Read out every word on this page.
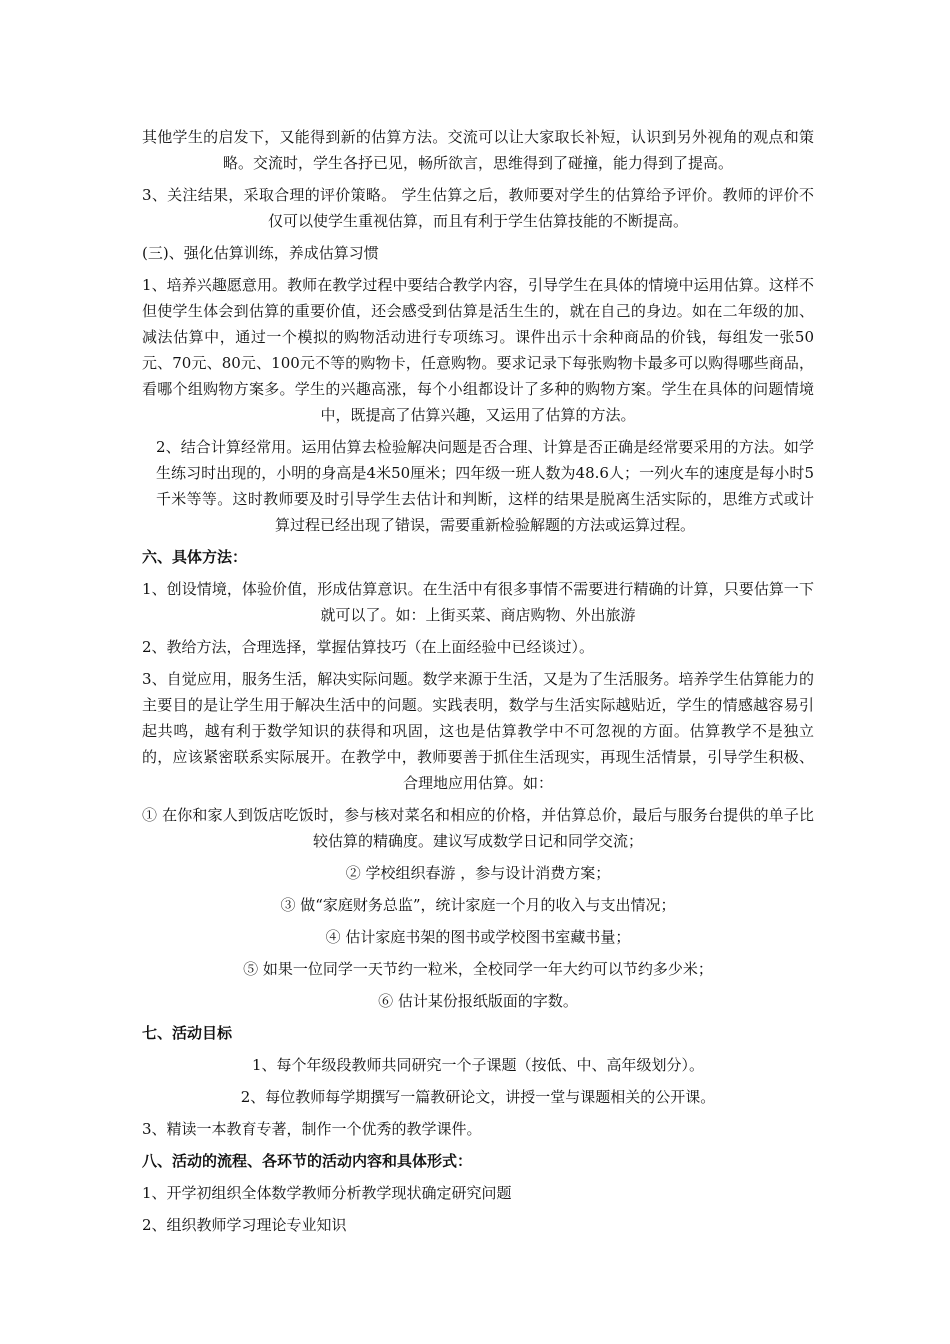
其他学生的启发下，又能得到新的估算方法。交流可以让大家取长补短，认识到另外视角的观点和策略。交流时，学生各抒已见，畅所欲言，思维得到了碰撞，能力得到了提高。

3、关注结果，采取合理的评价策略。 学生估算之后，教师要对学生的估算给予评价。教师的评价不仅可以使学生重视估算，而且有利于学生估算技能的不断提高。

(三)、强化估算训练，养成估算习惯

1、培养兴趣愿意用。教师在教学过程中要结合教学内容，引导学生在具体的情境中运用估算。这样不但使学生体会到估算的重要价值，还会感受到估算是活生生的，就在自己的身边。如在二年级的加、减法估算中，通过一个模拟的购物活动进行专项练习。课件出示十余种商品的价钱，每组发一张50元、70元、80元、100元不等的购物卡，任意购物。要求记录下每张购物卡最多可以购得哪些商品，看哪个组购物方案多。学生的兴趣高涨，每个小组都设计了多种的购物方案。学生在具体的问题情境中，既提高了估算兴趣，又运用了估算的方法。

2、结合计算经常用。运用估算去检验解决问题是否合理、计算是否正确是经常要采用的方法。如学生练习时出现的，小明的身高是4米50厘米；四年级一班人数为48.6人；一列火车的速度是每小时5千米等等。这时教师要及时引导学生去估计和判断，这样的结果是脱离生活实际的，思维方式或计算过程已经出现了错误，需要重新检验解题的方法或运算过程。

六、具体方法：

1、创设情境，体验价值，形成估算意识。在生活中有很多事情不需要进行精确的计算，只要估算一下就可以了。如：上街买菜、商店购物、外出旅游

2、教给方法，合理选择，掌握估算技巧（在上面经验中已经谈过）。

3、自觉应用，服务生活，解决实际问题。数学来源于生活，又是为了生活服务。培养学生估算能力的主要目的是让学生用于解决生活中的问题。实践表明，数学与生活实际越贴近，学生的情感越容易引起共鸣，越有利于数学知识的获得和巩固，这也是估算教学中不可忽视的方面。估算教学不是独立的，应该紧密联系实际展开。在教学中，教师要善于抓住生活现实，再现生活情景，引导学生积极、合理地应用估算。如：

① 在你和家人到饭店吃饭时，参与核对菜名和相应的价格，并估算总价，最后与服务台提供的单子比较估算的精确度。建议写成数学日记和同学交流；

② 学校组织春游 ，参与设计消费方案；

③ 做“家庭财务总监”，统计家庭一个月的收入与支出情况；

④ 估计家庭书架的图书或学校图书室藏书量；

⑤ 如果一位同学一天节约一粒米，全校同学一年大约可以节约多少米；

⑥ 估计某份报纸版面的字数。

七、活动目标

1、每个年级段教师共同研究一个子课题（按低、中、高年级划分）。

2、每位教师每学期撰写一篇教研论文，讲授一堂与课题相关的公开课。

3、精读一本教育专著，制作一个优秀的教学课件。

八、活动的流程、各环节的活动内容和具体形式：

1、开学初组织全体数学教师分析教学现状确定研究问题

2、组织教师学习理论专业知识
